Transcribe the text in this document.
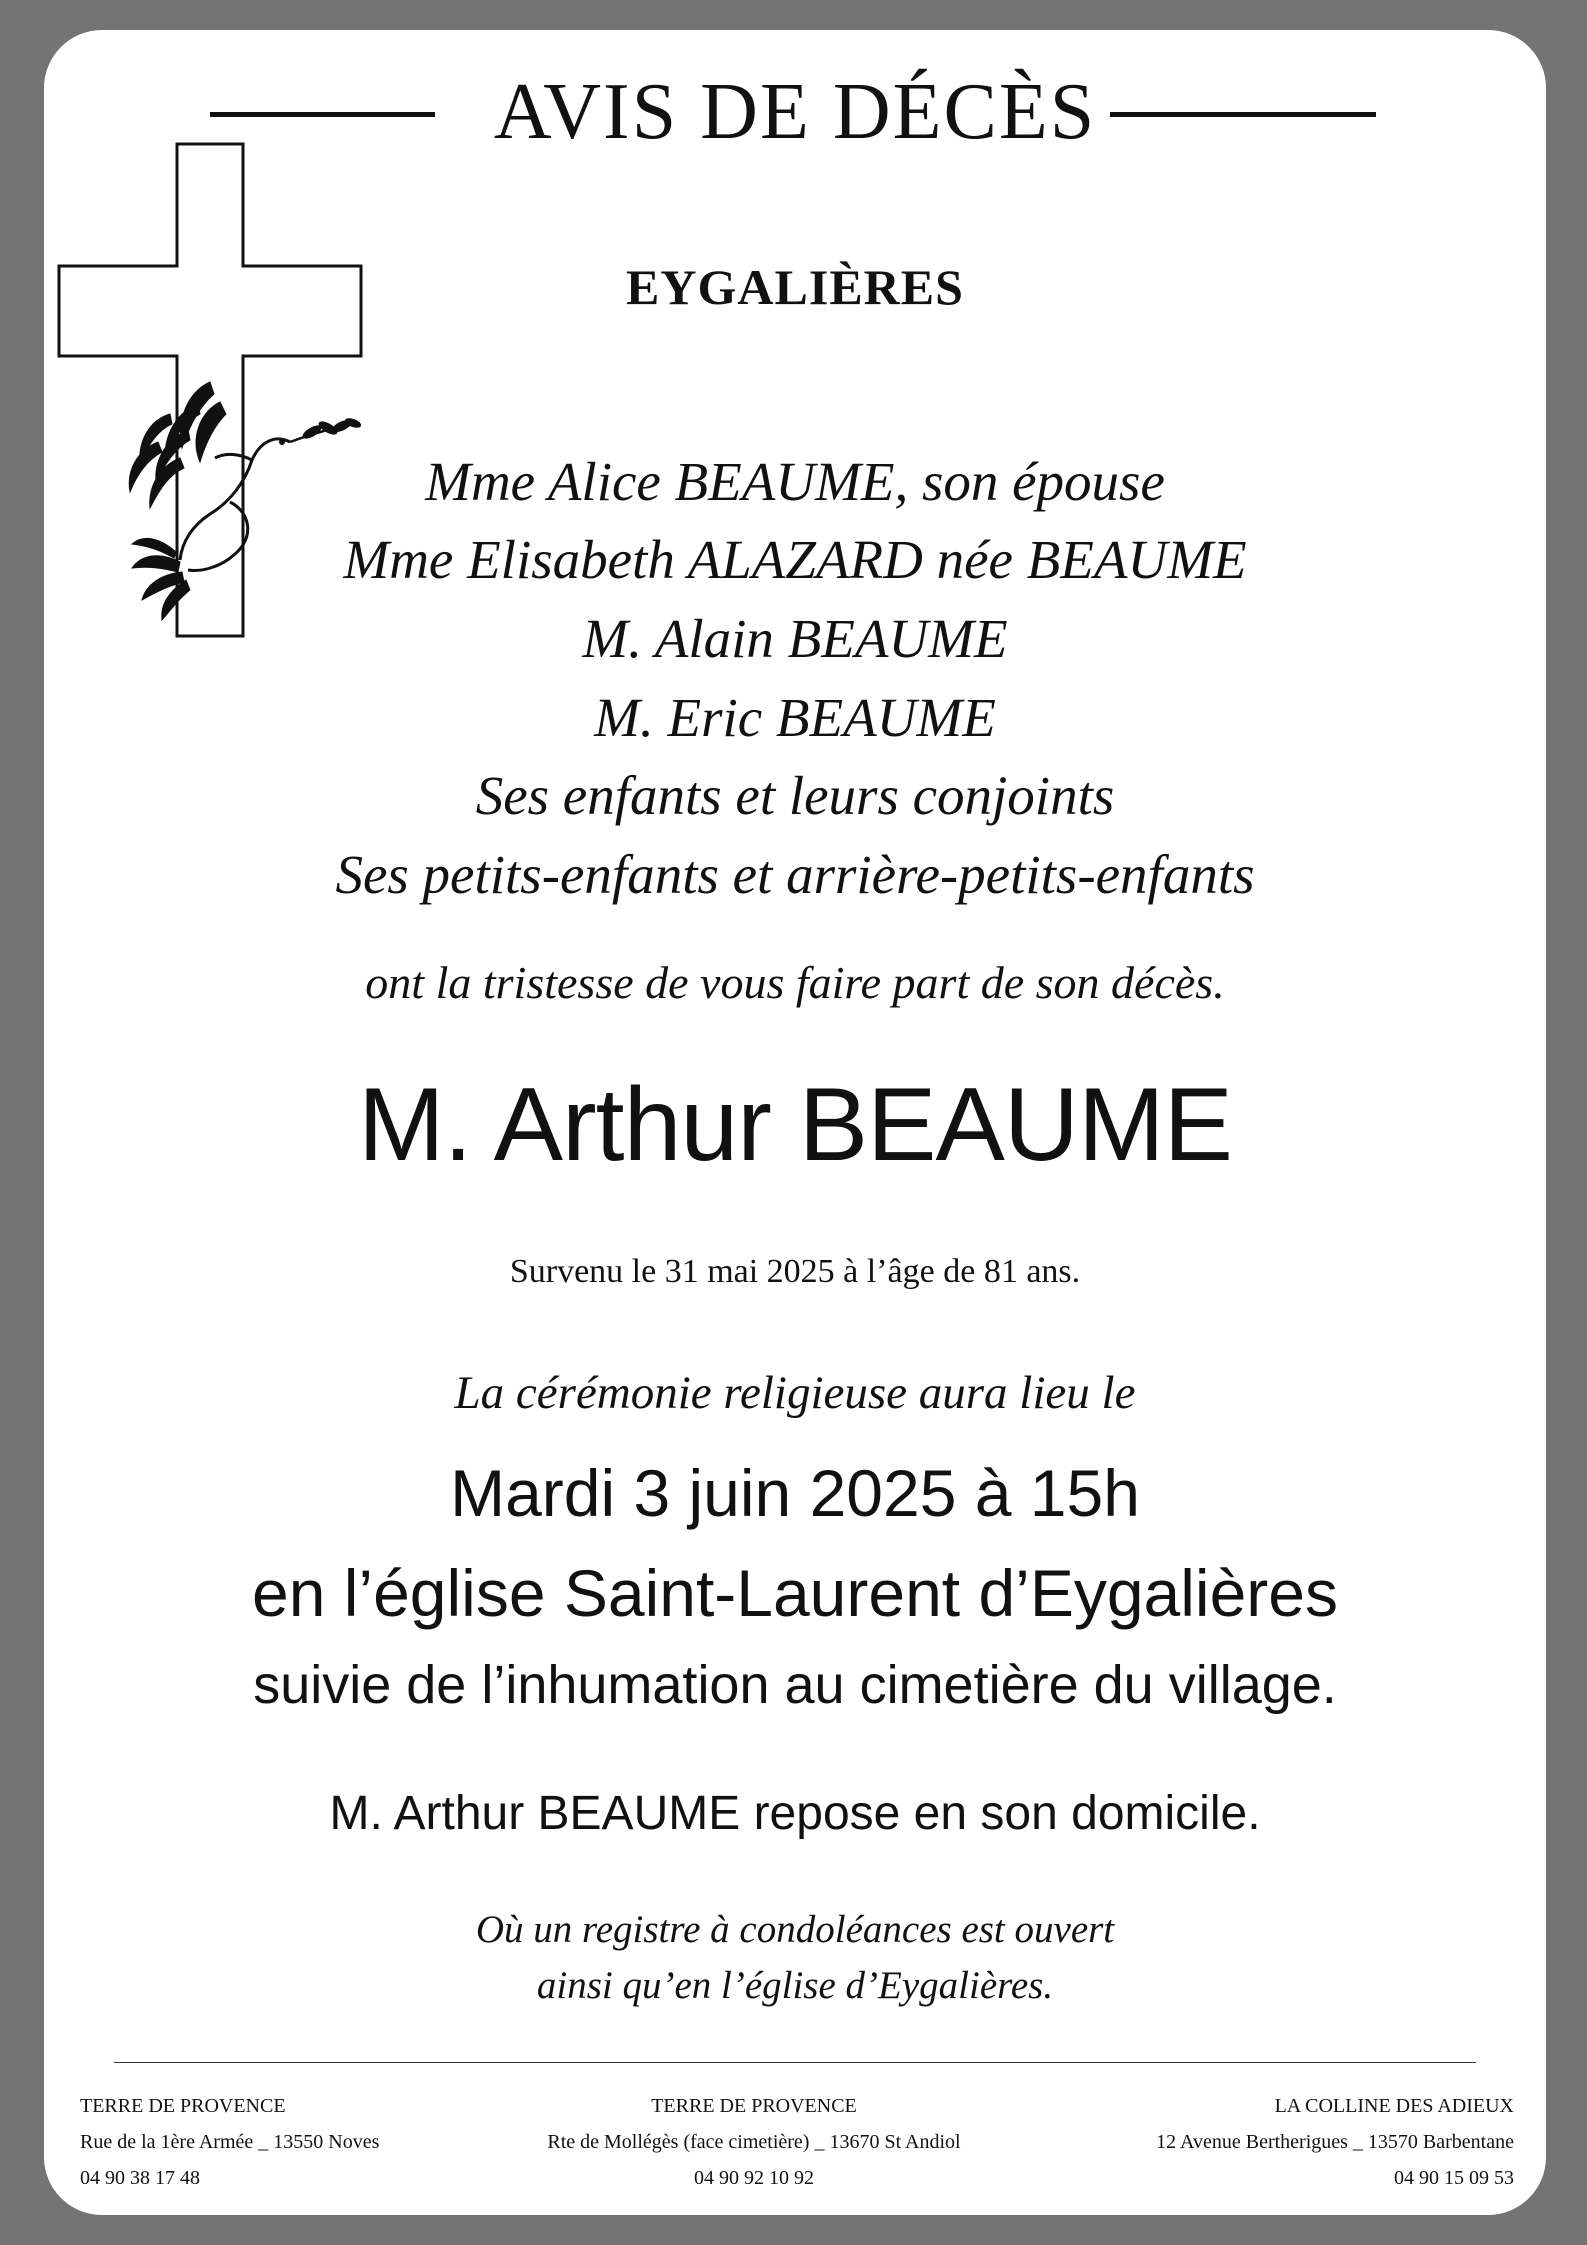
AVIS DE DÉCÈS
EYGALIÈRES
Mme Alice BEAUME, son épouse
Mme Elisabeth ALAZARD née BEAUME
M. Alain BEAUME
M. Eric BEAUME
Ses enfants et leurs conjoints
Ses petits-enfants et arrière-petits-enfants
ont la tristesse de vous faire part de son décès.
M. Arthur BEAUME
Survenu le 31 mai 2025 à l’âge de 81 ans.
La cérémonie religieuse aura lieu le
Mardi 3 juin 2025 à 15h
en l’église Saint-Laurent d’Eygalières
suivie de l’inhumation au cimetière du village.
M. Arthur BEAUME repose en son domicile.
Où un registre à condoléances est ouvert
ainsi qu’en l’église d’Eygalières.
TERRE DE PROVENCE
Rue de la 1ère Armée _ 13550 Noves
04 90 38 17 48
TERRE DE PROVENCE
Rte de Mollégès (face cimetière) _ 13670 St Andiol
04 90 92 10 92
LA COLLINE DES ADIEUX
12 Avenue Bertherigues _ 13570 Barbentane
04 90 15 09 53
